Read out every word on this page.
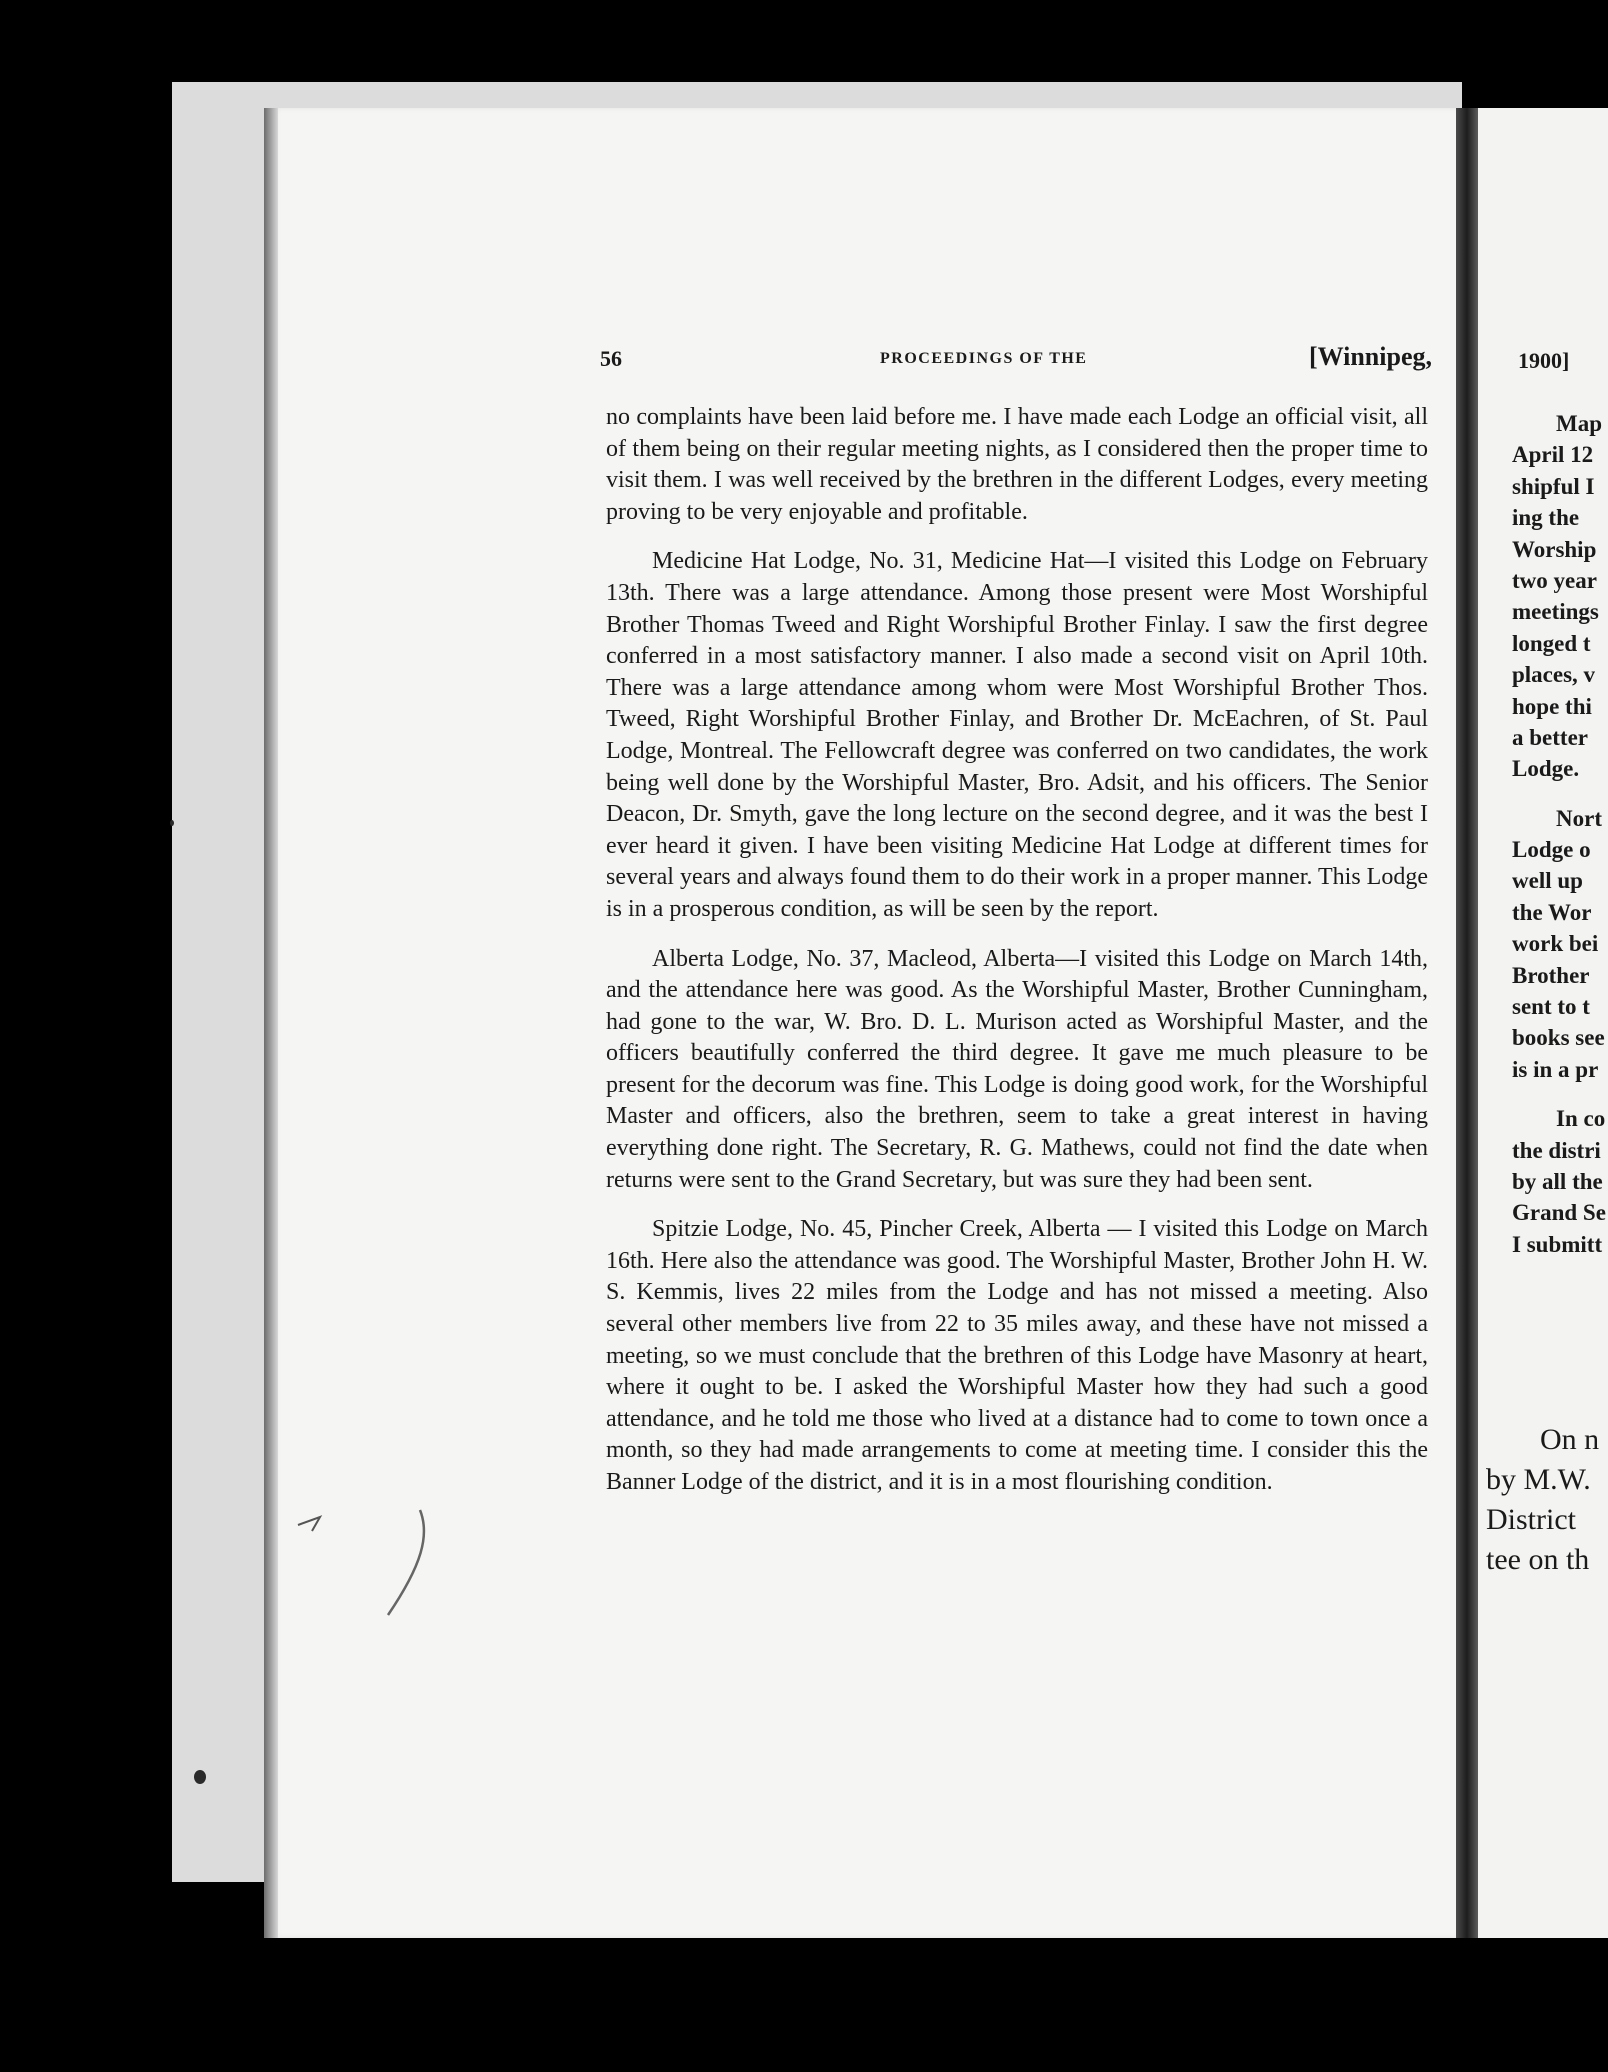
56	PROCEEDINGS OF THE	[Winnipeg,

no complaints have been laid before me. I have made each Lodge an official visit, all of them being on their regular meeting nights, as I considered then the proper time to visit them. I was well received by the brethren in the different Lodges, every meeting proving to be very enjoyable and profitable.

Medicine Hat Lodge, No. 31, Medicine Hat—I visited this Lodge on February 13th. There was a large attendance. Among those present were Most Worshipful Brother Thomas Tweed and Right Worshipful Brother Finlay. I saw the first degree conferred in a most satisfactory manner. I also made a second visit on April 10th. There was a large attendance among whom were Most Worshipful Brother Thos. Tweed, Right Worshipful Brother Finlay, and Brother Dr. McEachren, of St. Paul Lodge, Montreal. The Fellowcraft degree was conferred on two candidates, the work being well done by the Worshipful Master, Bro. Adsit, and his officers. The Senior Deacon, Dr. Smyth, gave the long lecture on the second degree, and it was the best I ever heard it given. I have been visiting Medicine Hat Lodge at different times for several years and always found them to do their work in a proper manner. This Lodge is in a prosperous condition, as will be seen by the report.

Alberta Lodge, No. 37, Macleod, Alberta—I visited this Lodge on March 14th, and the attendance here was good. As the Worshipful Master, Brother Cunningham, had gone to the war, W. Bro. D. L. Murison acted as Worshipful Master, and the officers beautifully conferred the third degree. It gave me much pleasure to be present for the decorum was fine. This Lodge is doing good work, for the Worshipful Master and officers, also the brethren, seem to take a great interest in having everything done right. The Secretary, R. G. Mathews, could not find the date when returns were sent to the Grand Secretary, but was sure they had been sent.

Spitzie Lodge, No. 45, Pincher Creek, Alberta — I visited this Lodge on March 16th. Here also the attendance was good. The Worshipful Master, Brother John H. W. S. Kemmis, lives 22 miles from the Lodge and has not missed a meeting. Also several other members live from 22 to 35 miles away, and these have not missed a meeting, so we must conclude that the brethren of this Lodge have Masonry at heart, where it ought to be. I asked the Worshipful Master how they had such a good attendance, and he told me those who lived at a distance had to come to town once a month, so they had made arrangements to come at meeting time. I consider this the Banner Lodge of the district, and it is in a most flourishing condition.

1900]
Map
April 12
shipful I
ing the
Worship
two year
meetings
longed t
places, v
hope thi
a better
Lodge.
Nort
Lodge o
well up
the Wor
work bei
Brother
sent to t
books see
is in a pr
In co
the distri
by all the
Grand Se
I submitt
On n
by M.W.
District
tee on th
